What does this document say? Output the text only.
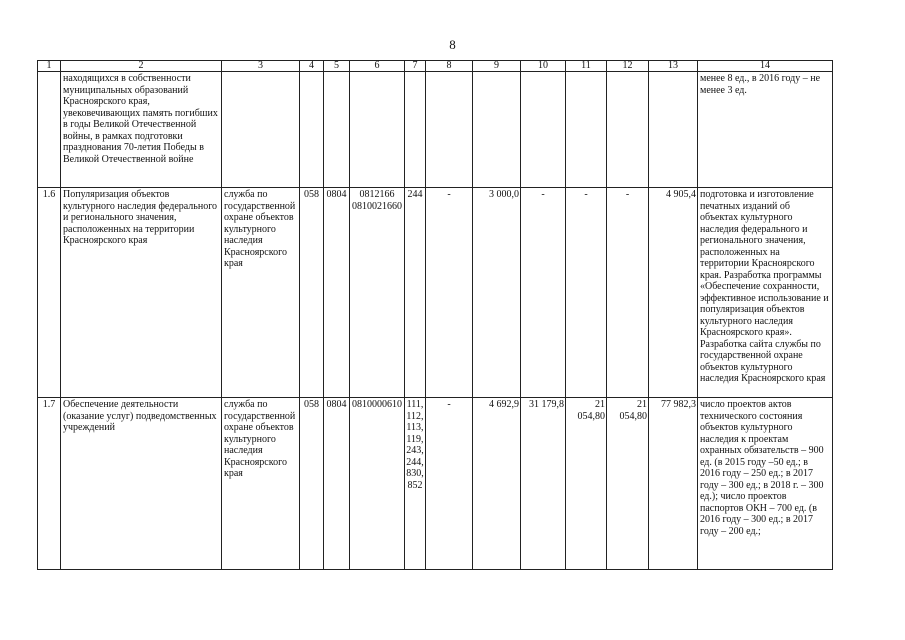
8
1	2	3	4	5	6	7	8	9	10	11	12	13	14
	находящихся в собственности муниципальных образований Красноярского края, увековечивающих память погибших в годы Великой Отечественной войны, в рамках подготовки празднования 70-летия Победы в Великой Отечественной войне												менее 8 ед., в 2016 году – не менее 3 ед.
1.6	Популяризация объектов культурного наследия федерального и регионального значения, расположенных на территории Красноярского края	служба по государственной охране объектов культурного наследия Красноярского края	058	0804	0812166 0810021660	244	-	3 000,0	-	-	-	4 905,4	подготовка и изготовление печатных изданий об объектах культурного наследия федерального и регионального значения, расположенных на территории Красноярского края. Разработка программы «Обеспечение сохранности, эффективное использование и популяризация объектов культурного наследия Красноярского края». Разработка сайта службы по государственной охране объектов культурного наследия Красноярского края
1.7	Обеспечение деятельности (оказание услуг) подведомственных учреждений	служба по государственной охране объектов культурного наследия Красноярского края	058	0804	0810000610	111, 112, 113, 119, 243, 244, 830, 852	-	4 692,9	31 179,8	21 054,80	21 054,80	77 982,3	число проектов актов технического состояния объектов культурного наследия к проектам охранных обязательств – 900 ед. (в 2015 году –50 ед.; в 2016 году – 250 ед.; в 2017 году – 300 ед.; в 2018 г. – 300 ед.); число проектов паспортов ОКН – 700 ед. (в 2016 году – 300 ед.; в 2017 году – 200 ед.;
